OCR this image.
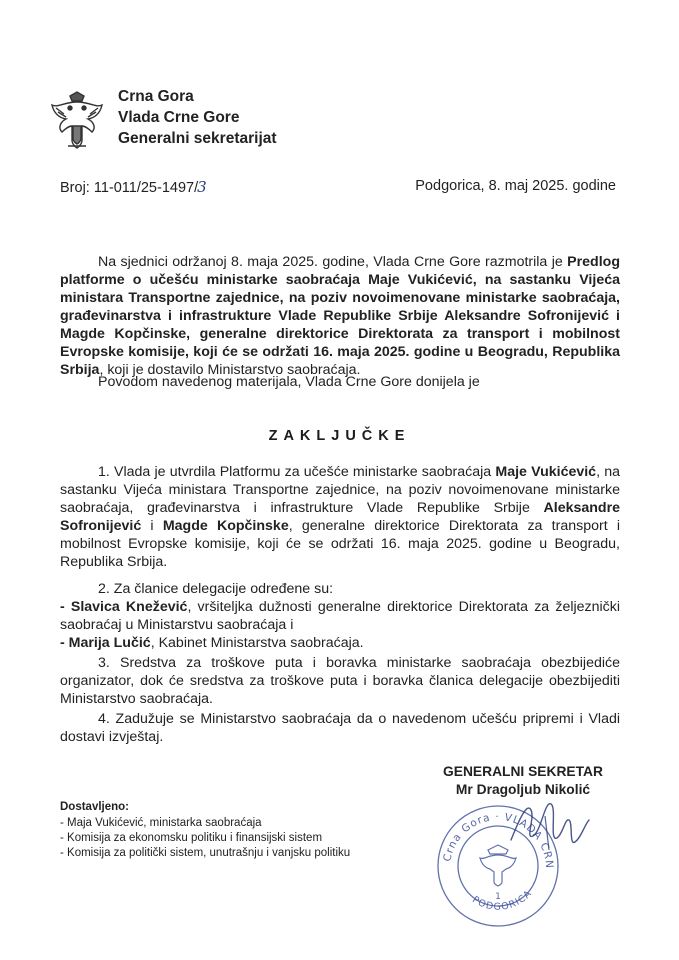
Crna Gora
Vlada Crne Gore
Generalni sekretarijat
Broj: 11-011/25-1497/3	Podgorica, 8. maj 2025. godine

Na sjednici održanoj 8. maja 2025. godine, Vlada Crne Gore razmotrila je Predlog platforme o učešću ministarke saobraćaja Maje Vukićević, na sastanku Vijeća ministara Transportne zajednice, na poziv novoimenovane ministarke saobraćaja, građevinarstva i infrastrukture Vlade Republike Srbije Aleksandre Sofronijević i Magde Kopčinske, generalne direktorice Direktorata za transport i mobilnost Evropske komisije, koji će se održati 16. maja 2025. godine u Beogradu, Republika Srbija, koji je dostavilo Ministarstvo saobraćaja.

Povodom navedenog materijala, Vlada Crne Gore donijela je

ZAKLJUČKE

1. Vlada je utvrdila Platformu za učešće ministarke saobraćaja Maje Vukićević, na sastanku Vijeća ministara Transportne zajednice, na poziv novoimenovane ministarke saobraćaja, građevinarstva i infrastrukture Vlade Republike Srbije Aleksandre Sofronijević i Magde Kopčinske, generalne direktorice Direktorata za transport i mobilnost Evropske komisije, koji će se održati 16. maja 2025. godine u Beogradu, Republika Srbija.

2. Za članice delegacije određene su:

- Slavica Knežević, vršiteljka dužnosti generalne direktorice Direktorata za željeznički saobraćaj u Ministarstvu saobraćaja i

- Marija Lučić, Kabinet Ministarstva saobraćaja.

3. Sredstva za troškove puta i boravka ministarke saobraćaja obezbijediće organizator, dok će sredstva za troškove puta i boravka članica delegacije obezbijediti Ministarstvo saobraćaja.

4. Zadužuje se Ministarstvo saobraćaja da o navedenom učešću pripremi i Vladi dostavi izvještaj.

GENERALNI SEKRETAR
Mr Dragoljub Nikolić
Crna Gora · VLADA CRN
PODGORICA
1
Dostavljeno:
- Maja Vukićević, ministarka saobraćaja
- Komisija za ekonomsku politiku i finansijski sistem
- Komisija za politički sistem, unutrašnju i vanjsku politiku
